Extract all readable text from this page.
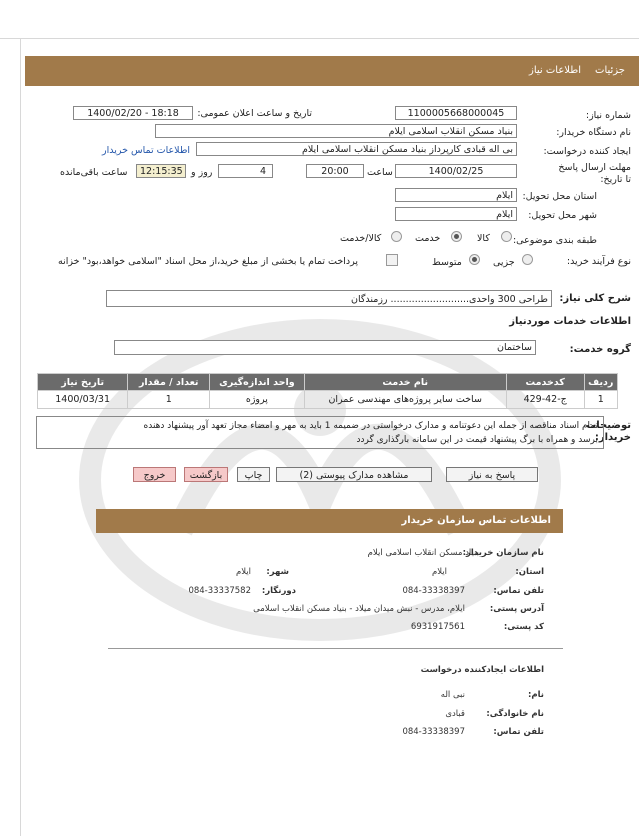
جزئیات
اطلاعات نیاز
شماره نیاز:
1100005668000045
تاریخ و ساعت اعلان عمومی:
1400/02/20 - 18:18
نام دستگاه خریدار:
بنیاد مسکن انقلاب اسلامی ایلام
ایجاد کننده درخواست:
بی اله قبادی کارپرداز بنیاد مسکن انقلاب اسلامی ایلام
اطلاعات تماس خریدار
مهلت ارسال پاسخ تا تاریخ:
1400/02/25
ساعت
20:00
4
روز و
12:15:35
ساعت باقی‌مانده
استان محل تحویل:
ایلام
شهر محل تحویل:
ایلام
طبقه بندی موضوعی:
کالا
خدمت
کالا/خدمت
نوع فرآیند خرید:
جزیی
متوسط
پرداخت تمام یا بخشی از مبلغ خرید،از محل اسناد "اسلامی خواهد،بود" خزانه
شرح کلی نیاز:
طراحی 300 واحدی.......................... رزمندگان
اطلاعات خدمات موردنیاز
گروه خدمت:
ساختمان
ردیف	کدخدمت	نام خدمت	واحد اندازه‌گیری	تعداد / مقدار	تاریخ نیاز
1	ج-42-429	ساخت سایر پروژه‌های مهندسی عمران	پروژه	1	1400/03/31
توضیحات خریدار:
تمام اسناد مناقصه از جمله این دعوتنامه و مدارک درخواستی در ضمیمه 1 باید به مهر و امضاء مجاز تعهد آور پیشنهاد دهنده
برسد و همراه با برگ پیشنهاد قیمت در این سامانه بارگذاری گردد
پاسخ به نیاز
مشاهده مدارک پیوستی (2)
چاپ
بازگشت
خروج
اطلاعات تماس سازمان خریدار
نام سازمان خریدار:
بنیاد مسکن انقلاب اسلامی ایلام
استان:
ایلام
شهر:
ایلام
تلفن تماس:
084-33338397
دورنگار:
084-33337582
آدرس پستی:
ایلام، مدرس - نبش میدان میلاد - بنیاد مسکن انقلاب اسلامی
کد پستی:
6931917561
اطلاعات ایجادکننده درخواست
نام:
نبی اله
نام خانوادگی:
قبادی
تلفن تماس:
084-33338397
